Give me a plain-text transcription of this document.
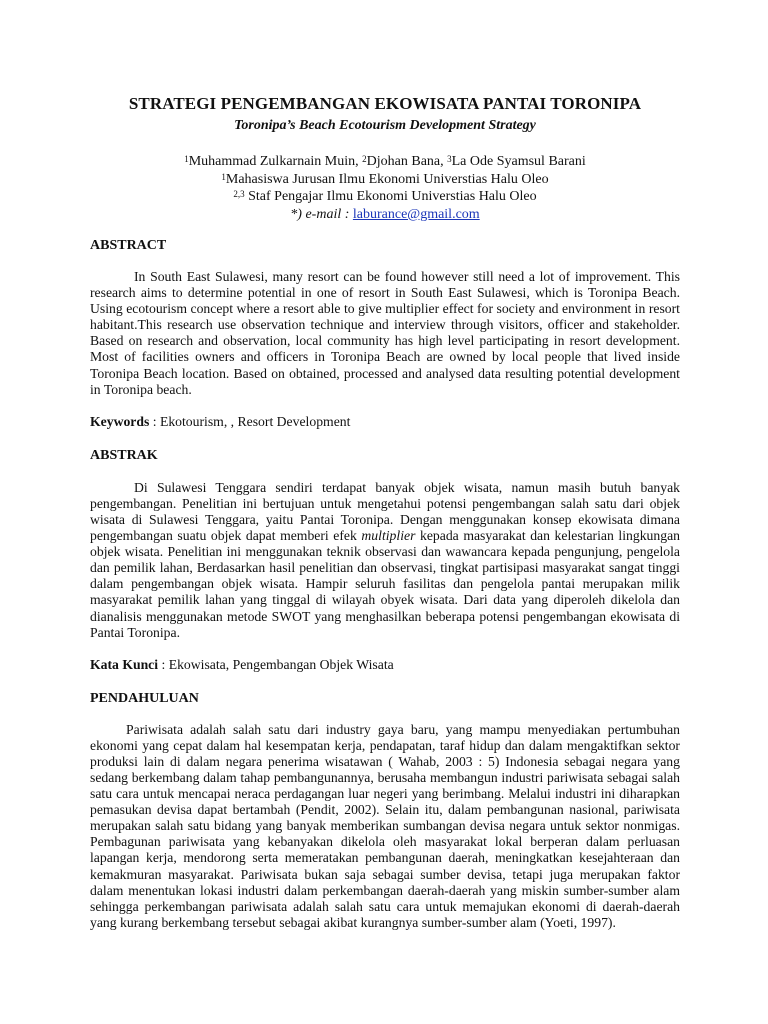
STRATEGI PENGEMBANGAN EKOWISATA PANTAI TORONIPA
Toronipa’s Beach Ecotourism Development Strategy
$^1$Muhammad Zulkarnain Muin, $^2$Djohan Bana, $^3$La Ode Syamsul Barani
$^1$Mahasiswa Jurusan Ilmu Ekonomi Universtias Halu Oleo
$^{2,3}$ Staf Pengajar Ilmu Ekonomi Universtias Halu Oleo
*) e-mail : laburance@gmail.com

ABSTRACT

In South East Sulawesi, many resort can be found however still need a lot of improvement. This research aims to determine potential in one of resort in South East Sulawesi, which is Toronipa Beach. Using ecotourism concept where a resort able to give multiplier effect for society and environment in resort habitant.This research use observation technique and interview through visitors, officer and stakeholder. Based on research and observation, local community has high level participating in resort development. Most of facilities owners and officers in Toronipa Beach are owned by local people that lived inside Toronipa Beach location. Based on obtained, processed and analysed data resulting potential development in Toronipa beach.

Keywords : Ekotourism, , Resort Development

ABSTRAK

Di Sulawesi Tenggara sendiri terdapat banyak objek wisata, namun masih butuh banyak pengembangan. Penelitian ini bertujuan untuk mengetahui potensi pengembangan salah satu dari objek wisata di Sulawesi Tenggara, yaitu Pantai Toronipa. Dengan menggunakan konsep ekowisata dimana pengembangan suatu objek dapat memberi efek multiplier kepada masyarakat dan kelestarian lingkungan objek wisata. Penelitian ini menggunakan teknik observasi dan wawancara kepada pengunjung, pengelola dan pemilik lahan, Berdasarkan hasil penelitian dan observasi, tingkat partisipasi masyarakat sangat tinggi dalam pengembangan objek wisata. Hampir seluruh fasilitas dan pengelola pantai merupakan milik masyarakat pemilik lahan yang tinggal di wilayah obyek wisata. Dari data yang diperoleh dikelola dan dianalisis menggunakan metode SWOT yang menghasilkan beberapa potensi pengembangan ekowisata di Pantai Toronipa.

Kata Kunci : Ekowisata, Pengembangan Objek Wisata

PENDAHULUAN

Pariwisata adalah salah satu dari industry gaya baru, yang mampu menyediakan pertumbuhan ekonomi yang cepat dalam hal kesempatan kerja, pendapatan, taraf hidup dan dalam mengaktifkan sektor produksi lain di dalam negara penerima wisatawan ( Wahab, 2003 : 5) Indonesia sebagai negara yang sedang berkembang dalam tahap pembangunannya, berusaha membangun industri pariwisata sebagai salah satu cara untuk mencapai neraca perdagangan luar negeri yang berimbang. Melalui industri ini diharapkan pemasukan devisa dapat bertambah (Pendit, 2002). Selain itu, dalam pembangunan nasional, pariwisata merupakan salah satu bidang yang banyak memberikan sumbangan devisa negara untuk sektor nonmigas. Pembagunan pariwisata yang kebanyakan dikelola oleh masyarakat lokal berperan dalam perluasan lapangan kerja, mendorong serta memeratakan pembangunan daerah, meningkatkan kesejahteraan dan kemakmuran masyarakat. Pariwisata bukan saja sebagai sumber devisa, tetapi juga merupakan faktor dalam menentukan lokasi industri dalam perkembangan daerah-daerah yang miskin sumber-sumber alam sehingga perkembangan pariwisata adalah salah satu cara untuk memajukan ekonomi di daerah-daerah yang kurang berkembang tersebut sebagai akibat kurangnya sumber-sumber alam (Yoeti, 1997).
